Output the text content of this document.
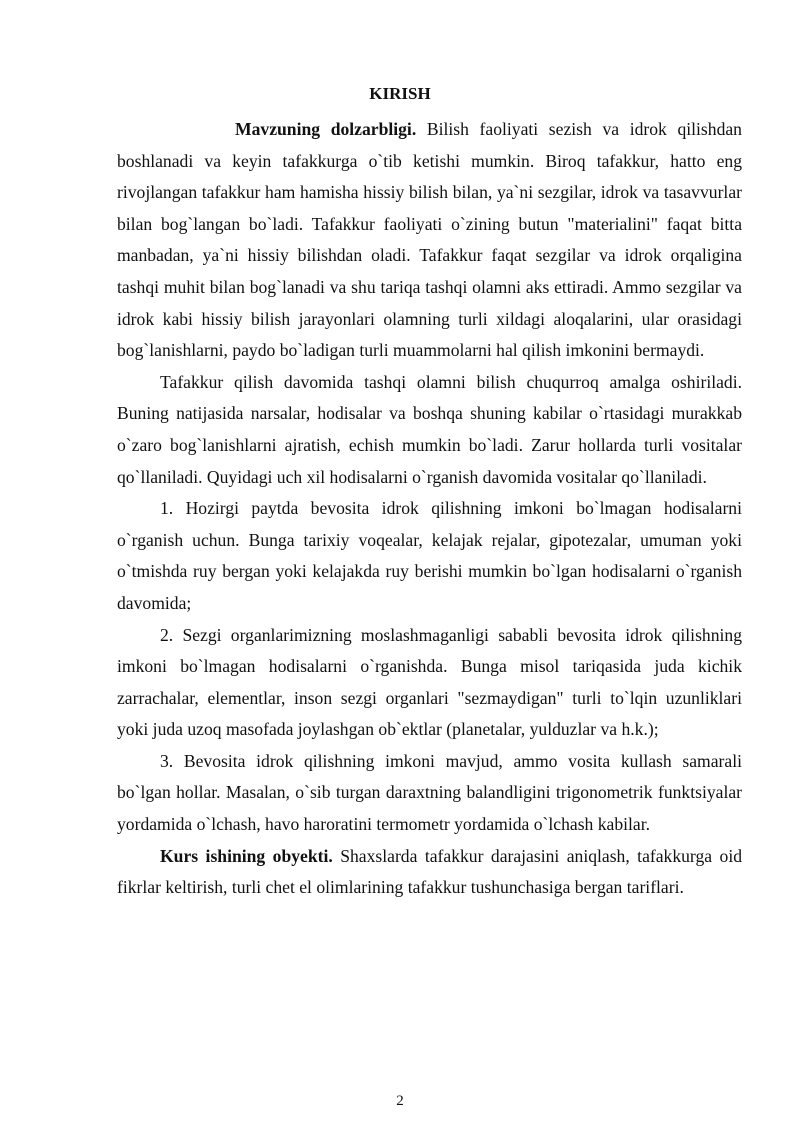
KIRISH

Mavzuning dolzarbligi. Bilish faoliyati sezish va idrok qilishdan boshlanadi va keyin tafakkurga o`tib ketishi mumkin. Biroq tafakkur, hatto eng rivojlangan tafakkur ham hamisha hissiy bilish bilan, ya`ni sezgilar, idrok va tasavvurlar bilan bog`langan bo`ladi. Tafakkur faoliyati o`zining butun "materialini" faqat bitta manbadan, ya`ni hissiy bilishdan oladi. Tafakkur faqat sezgilar va idrok orqaligina tashqi muhit bilan bog`lanadi va shu tariqa tashqi olamni aks ettiradi. Ammo sezgilar va idrok kabi hissiy bilish jarayonlari olamning turli xildagi aloqalarini, ular orasidagi bog`lanishlarni, paydo bo`ladigan turli muammolarni hal qilish imkonini bermaydi.

Tafakkur qilish davomida tashqi olamni bilish chuqurroq amalga oshiriladi. Buning natijasida narsalar, hodisalar va boshqa shuning kabilar o`rtasidagi murakkab o`zaro bog`lanishlarni ajratish, echish mumkin bo`ladi. Zarur hollarda turli vositalar qo`llaniladi. Quyidagi uch xil hodisalarni o`rganish davomida vositalar qo`llaniladi.

1. Hozirgi paytda bevosita idrok qilishning imkoni bo`lmagan hodisalarni o`rganish uchun. Bunga tarixiy voqealar, kelajak rejalar, gipotezalar, umuman yoki o`tmishda ruy bergan yoki kelajakda ruy berishi mumkin bo`lgan hodisalarni o`rganish davomida;

2. Sezgi organlarimizning moslashmaganligi sababli bevosita idrok qilishning imkoni bo`lmagan hodisalarni o`rganishda. Bunga misol tariqasida juda kichik zarrachalar, elementlar, inson sezgi organlari "sezmaydigan" turli to`lqin uzunliklari yoki juda uzoq masofada joylashgan ob`ektlar (planetalar, yulduzlar va h.k.);

3. Bevosita idrok qilishning imkoni mavjud, ammo vosita kullash samarali bo`lgan hollar. Masalan, o`sib turgan daraxtning balandligini trigonometrik funktsiyalar yordamida o`lchash, havo haroratini termometr yordamida o`lchash kabilar.

Kurs ishining obyekti. Shaxslarda tafakkur darajasini aniqlash, tafakkurga oid fikrlar keltirish, turli chet el olimlarining tafakkur tushunchasiga bergan tariflari.

2
